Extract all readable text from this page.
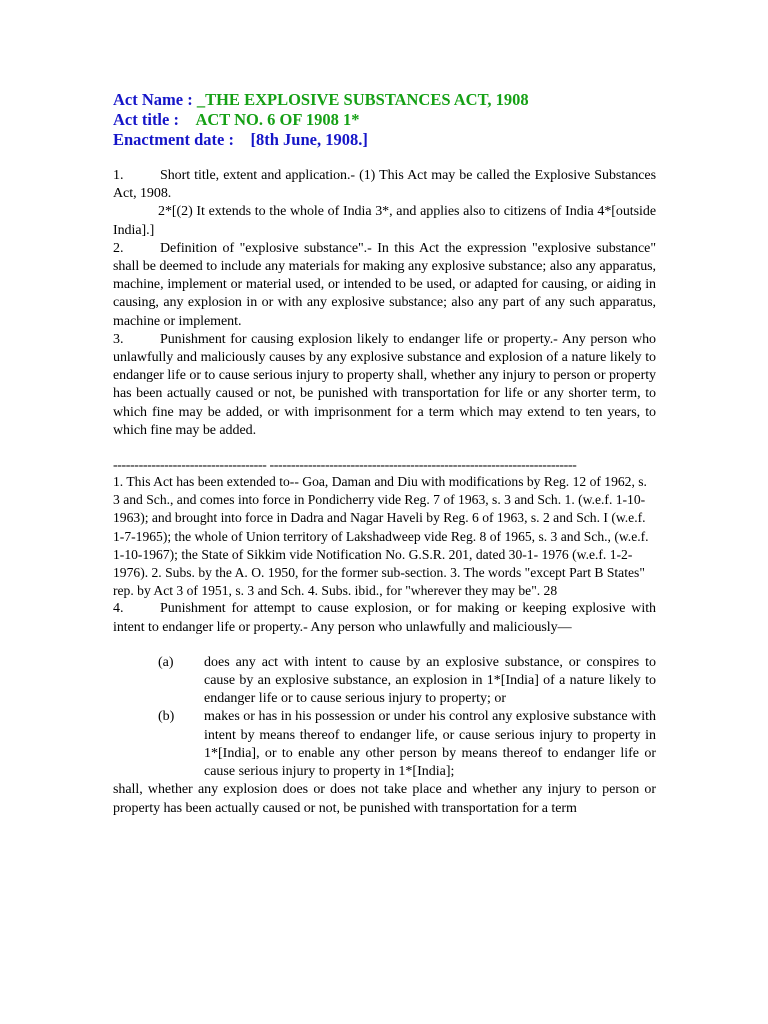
Act Name : _THE EXPLOSIVE SUBSTANCES ACT, 1908
Act title : ACT NO. 6 OF 1908 1*
Enactment date : [8th June, 1908.]

1.	Short title, extent and application.- (1) This Act may be called the Explosive Substances Act, 1908.

2*[(2) It extends to the whole of India 3*, and applies also to citizens of India 4*[outside India].]

2.	Definition of "explosive substance".- In this Act the expression "explosive substance" shall be deemed to include any materials for making any explosive substance; also any apparatus, machine, implement or material used, or intended to be used, or adapted for causing, or aiding in causing, any explosion in or with any explosive substance; also any part of any such apparatus, machine or implement.

3.	Punishment for causing explosion likely to endanger life or property.- Any person who unlawfully and maliciously causes by any explosive substance and explosion of a nature likely to endanger life or to cause serious injury to property shall, whether any injury to person or property has been actually caused or not, be punished with transportation for life or any shorter term, to which fine may be added, or with imprisonment for a term which may extend to ten years, to which fine may be added.

------------------------------------ ------------------------------------------------------------------------

1. This Act has been extended to-- Goa, Daman and Diu with modifications by Reg. 12 of 1962, s. 3 and Sch., and comes into force in Pondicherry vide Reg. 7 of 1963, s. 3 and Sch. 1. (w.e.f. 1-10-1963); and brought into force in Dadra and Nagar Haveli by Reg. 6 of 1963, s. 2 and Sch. I (w.e.f. 1-7-1965); the whole of Union territory of Lakshadweep vide Reg. 8 of 1965, s. 3 and Sch., (w.e.f. 1-10-1967); the State of Sikkim vide Notification No. G.S.R. 201, dated 30-1- 1976 (w.e.f. 1-2-1976). 2. Subs. by the A. O. 1950, for the former sub-section. 3. The words "except Part B States" rep. by Act 3 of 1951, s. 3 and Sch. 4. Subs. ibid., for "wherever they may be". 28

4.	Punishment for attempt to cause explosion, or for making or keeping explosive with intent to endanger life or property.- Any person who unlawfully and maliciously—

(a)	does any act with intent to cause by an explosive substance, or conspires to cause by an explosive substance, an explosion in 1*[India] of a nature likely to endanger life or to cause serious injury to property; or
(b)	makes or has in his possession or under his control any explosive substance with intent by means thereof to endanger life, or cause serious injury to property in 1*[India], or to enable any other person by means thereof to endanger life or cause serious injury to property in 1*[India];

shall, whether any explosion does or does not take place and whether any injury to person or property has been actually caused or not, be punished with transportation for a term
